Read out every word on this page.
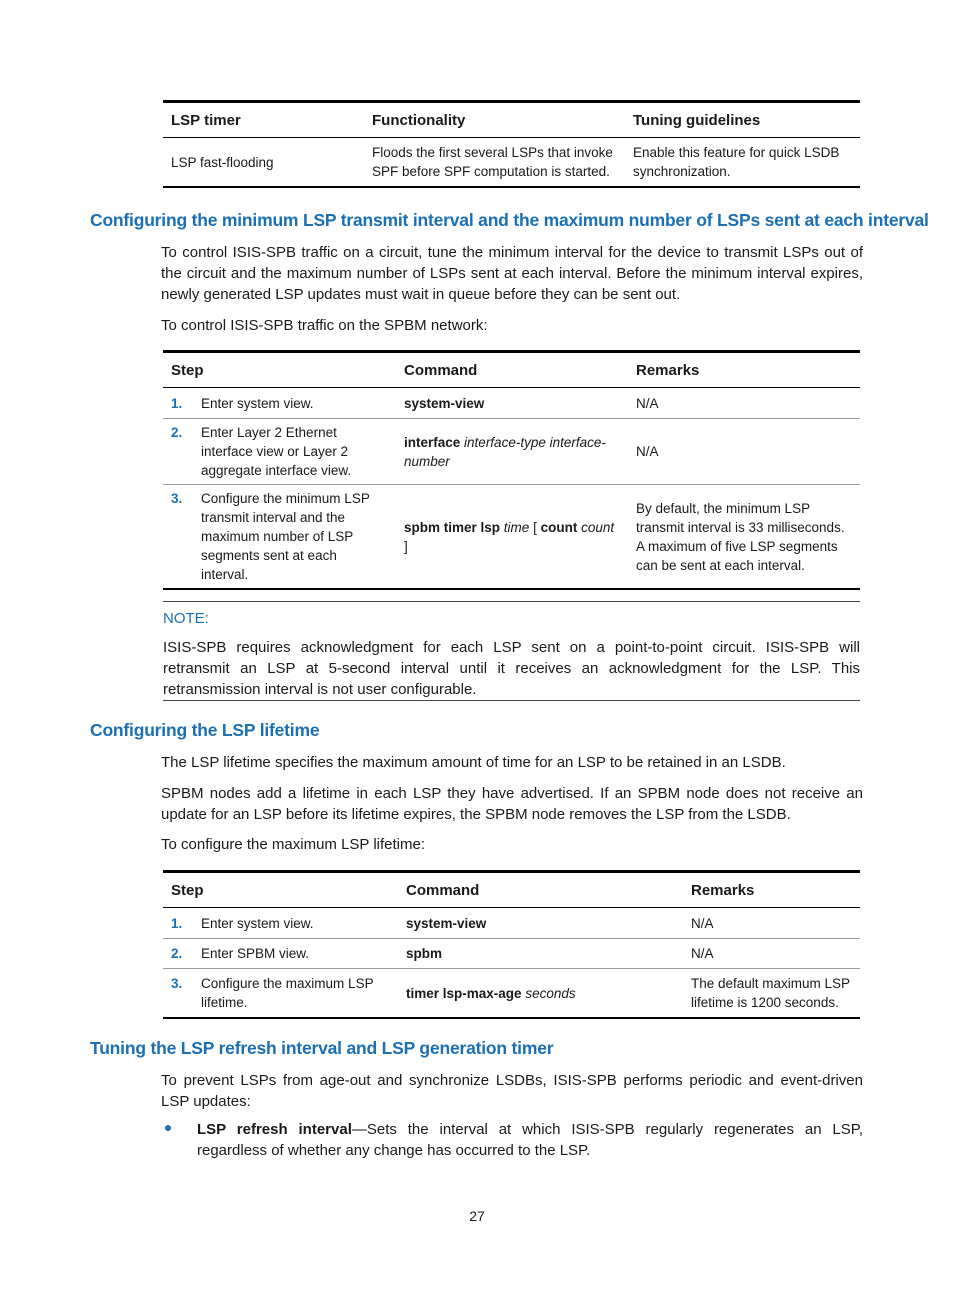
LSP timer	Functionality	Tuning guidelines
LSP fast-flooding	Floods the first several LSPs that invoke SPF before SPF computation is started.	Enable this feature for quick LSDB synchronization.
Configuring the minimum LSP transmit interval and the maximum number of LSPs sent at each interval

To control ISIS-SPB traffic on a circuit, tune the minimum interval for the device to transmit LSPs out of the circuit and the maximum number of LSPs sent at each interval. Before the minimum interval expires, newly generated LSP updates must wait in queue before they can be sent out.

To control ISIS-SPB traffic on the SPBM network:

Step	Command	Remarks
1. Enter system view.	system-view	N/A
2. Enter Layer 2 Ethernet interface view or Layer 2 aggregate interface view.	interface interface-type interface-number	N/A
3. Configure the minimum LSP transmit interval and the maximum number of LSP segments sent at each interval.	spbm timer lsp time [ count count ]	By default, the minimum LSP transmit interval is 33 milliseconds. A maximum of five LSP segments can be sent at each interval.
NOTE:

ISIS-SPB requires acknowledgment for each LSP sent on a point-to-point circuit. ISIS-SPB will retransmit an LSP at 5-second interval until it receives an acknowledgment for the LSP. This retransmission interval is not user configurable.

Configuring the LSP lifetime

The LSP lifetime specifies the maximum amount of time for an LSP to be retained in an LSDB.

SPBM nodes add a lifetime in each LSP they have advertised. If an SPBM node does not receive an update for an LSP before its lifetime expires, the SPBM node removes the LSP from the LSDB.

To configure the maximum LSP lifetime:

Step	Command	Remarks
1. Enter system view.	system-view	N/A
2. Enter SPBM view.	spbm	N/A
3. Configure the maximum LSP lifetime.	timer lsp-max-age seconds	The default maximum LSP lifetime is 1200 seconds.
Tuning the LSP refresh interval and LSP generation timer

To prevent LSPs from age-out and synchronize LSDBs, ISIS-SPB performs periodic and event-driven LSP updates:

LSP refresh interval—Sets the interval at which ISIS-SPB regularly regenerates an LSP, regardless of whether any change has occurred to the LSP.

27
